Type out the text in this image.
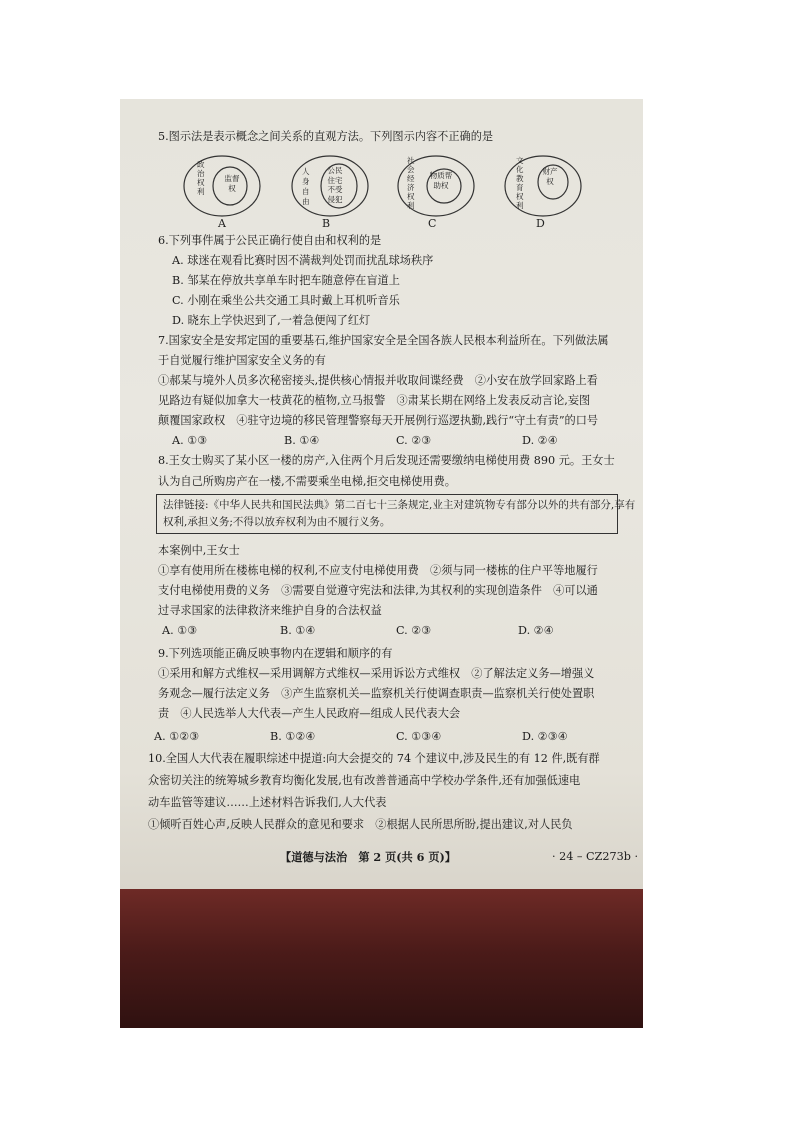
5.图示法是表示概念之间关系的直观方法。下列图示内容不正确的是
政治权利
监督权
人身自由
公民住宅不受侵犯
社会经济权利
物质帮助权
文化教育权利
财产权
A	B	C	D
6.下列事件属于公民正确行使自由和权利的是
A. 球迷在观看比赛时因不满裁判处罚而扰乱球场秩序
B. 邹某在停放共享单车时把车随意停在盲道上
C. 小刚在乘坐公共交通工具时戴上耳机听音乐
D. 晓东上学快迟到了,一着急便闯了红灯
7.国家安全是安邦定国的重要基石,维护国家安全是全国各族人民根本利益所在。下列做法属
于自觉履行维护国家安全义务的有
①郝某与境外人员多次秘密接头,提供核心情报并收取间谍经费　②小安在放学回家路上看
见路边有疑似加拿大一枝黄花的植物,立马报警　③肃某长期在网络上发表反动言论,妄图
颠覆国家政权　④驻守边境的移民管理警察每天开展例行巡逻执勤,践行“守土有责”的口号
A. ①③	B. ①④	C. ②③	D. ②④
8.王女士购买了某小区一楼的房产,入住两个月后发现还需要缴纳电梯使用费 890 元。王女士
认为自己所购房产在一楼,不需要乘坐电梯,拒交电梯使用费。
法律链接:《中华人民共和国民法典》第二百七十三条规定,业主对建筑物专有部分以外的共有部分,享有
权利,承担义务;不得以放弃权利为由不履行义务。
本案例中,王女士
①享有使用所在楼栋电梯的权利,不应支付电梯使用费　②须与同一楼栋的住户平等地履行
支付电梯使用费的义务　③需要自觉遵守宪法和法律,为其权利的实现创造条件　④可以通
过寻求国家的法律救济来维护自身的合法权益
A. ①③	B. ①④	C. ②③	D. ②④
9.下列选项能正确反映事物内在逻辑和顺序的有
①采用和解方式维权—采用调解方式维权—采用诉讼方式维权　②了解法定义务—增强义
务观念—履行法定义务　③产生监察机关—监察机关行使调查职责—监察机关行使处置职
责　④人民选举人大代表—产生人民政府—组成人民代表大会
A. ①②③	B. ①②④	C. ①③④	D. ②③④
10.全国人大代表在履职综述中提道:向大会提交的 74 个建议中,涉及民生的有 12 件,既有群
众密切关注的统筹城乡教育均衡化发展,也有改善普通高中学校办学条件,还有加强低速电
动车监管等建议……上述材料告诉我们,人大代表
①倾听百姓心声,反映人民群众的意见和要求　②根据人民所思所盼,提出建议,对人民负
【道德与法治　第 2 页(共 6 页)】	· 24 – CZ273b ·
